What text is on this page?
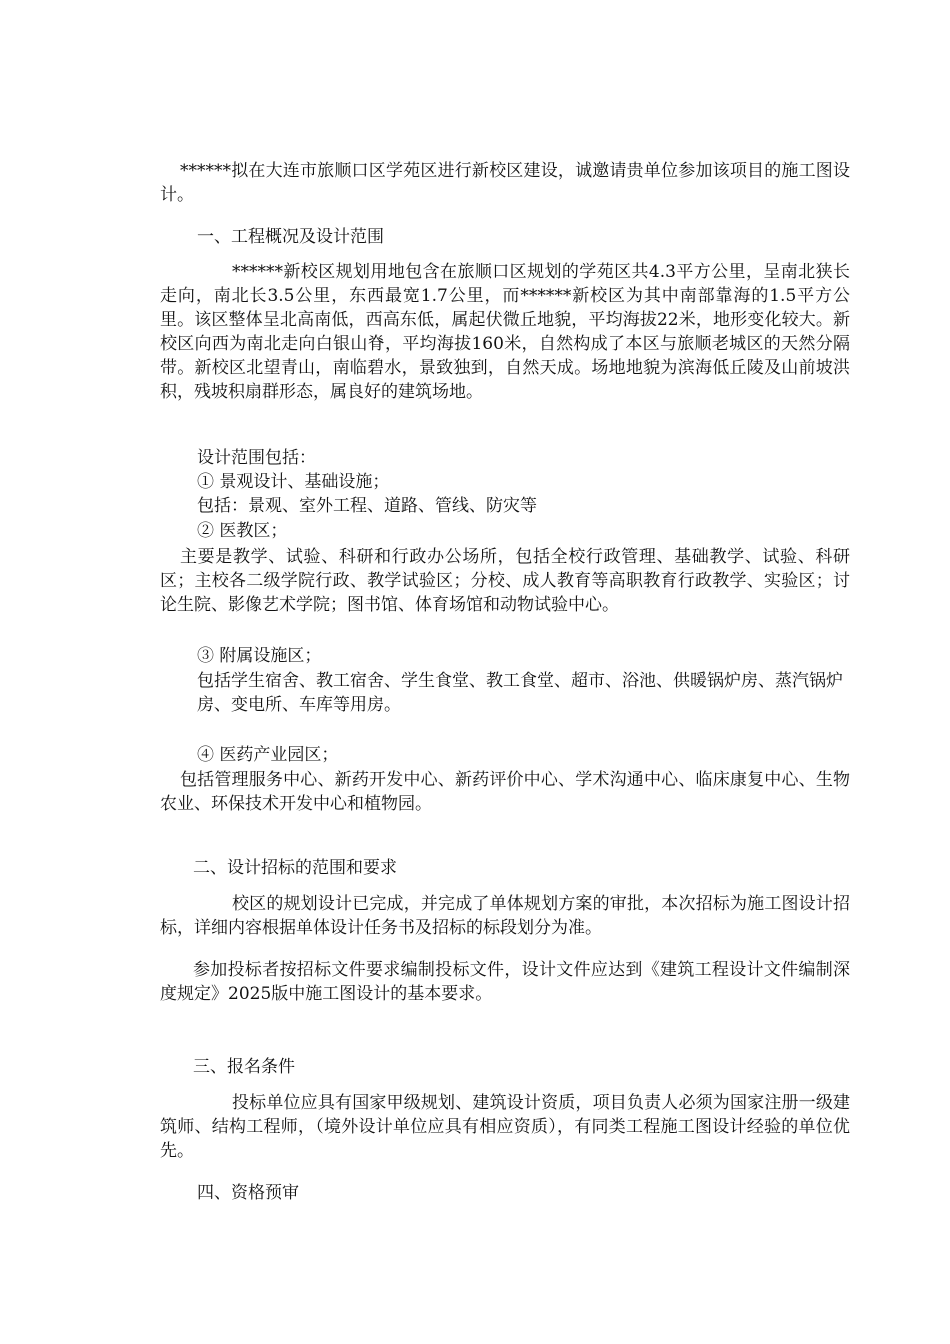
******拟在大连市旅顺口区学苑区进行新校区建设，诚邀请贵单位参加该项目的施工图设计。

一、工程概况及设计范围

******新校区规划用地包含在旅顺口区规划的学苑区共4.3平方公里，呈南北狭长走向，南北长3.5公里，东西最宽1.7公里，而******新校区为其中南部靠海的1.5平方公里。该区整体呈北高南低，西高东低，属起伏微丘地貌，平均海拔22米，地形变化较大。新校区向西为南北走向白银山脊，平均海拔160米，自然构成了本区与旅顺老城区的天然分隔带。新校区北望青山，南临碧水，景致独到，自然天成。场地地貌为滨海低丘陵及山前坡洪积，残坡积扇群形态，属良好的建筑场地。

设计范围包括：

① 景观设计、基础设施；

包括：景观、室外工程、道路、管线、防灾等

② 医教区；

主要是教学、试验、科研和行政办公场所，包括全校行政管理、基础教学、试验、科研区；主校各二级学院行政、教学试验区；分校、成人教育等高职教育行政教学、实验区；讨论生院、影像艺术学院；图书馆、体育场馆和动物试验中心。

③ 附属设施区；

包括学生宿舍、教工宿舍、学生食堂、教工食堂、超市、浴池、供暖锅炉房、蒸汽锅炉房、变电所、车库等用房。

④ 医药产业园区；

包括管理服务中心、新药开发中心、新药评价中心、学术沟通中心、临床康复中心、生物农业、环保技术开发中心和植物园。

二、设计招标的范围和要求

校区的规划设计已完成，并完成了单体规划方案的审批，本次招标为施工图设计招标，详细内容根据单体设计任务书及招标的标段划分为准。

参加投标者按招标文件要求编制投标文件，设计文件应达到《建筑工程设计文件编制深度规定》2025版中施工图设计的基本要求。

三、报名条件

投标单位应具有国家甲级规划、建筑设计资质，项目负责人必须为国家注册一级建筑师、结构工程师，（境外设计单位应具有相应资质），有同类工程施工图设计经验的单位优先。

四、资格预审
